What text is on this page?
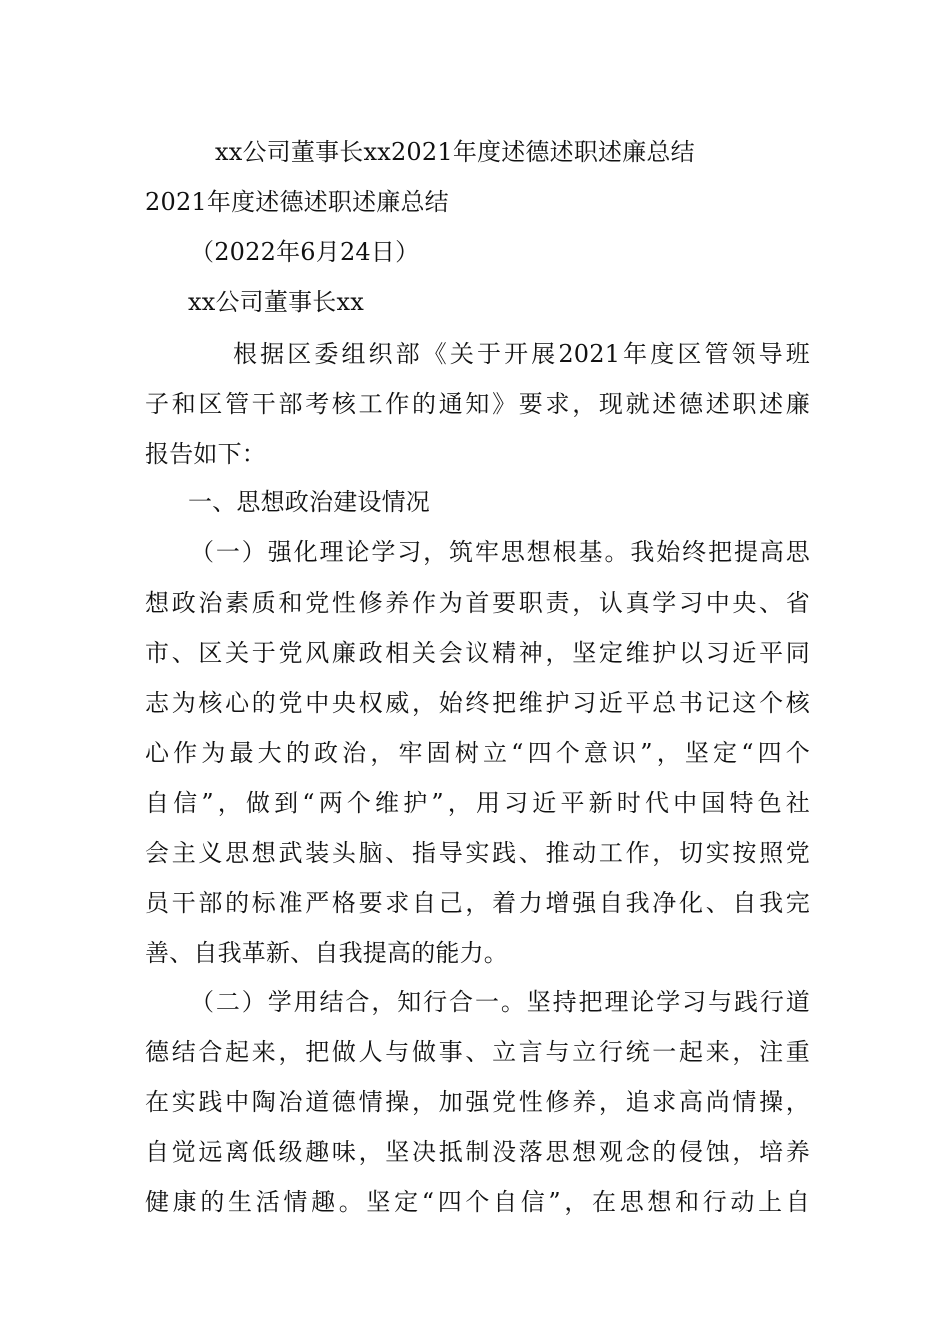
xx公司董事长xx2021年度述德述职述廉总结
2021年度述德述职述廉总结
（2022年6月24日）
xx公司董事长xx
根据区委组织部《关于开展2021年度区管领导班
子和区管干部考核工作的通知》要求，现就述德述职述廉
报告如下：
一、思想政治建设情况
（一）强化理论学习，筑牢思想根基。我始终把提高思
想政治素质和党性修养作为首要职责，认真学习中央、省
市、区关于党风廉政相关会议精神，坚定维护以习近平同
志为核心的党中央权威，始终把维护习近平总书记这个核
心作为最大的政治，牢固树立“四个意识”，坚定“四个
自信”，做到“两个维护”，用习近平新时代中国特色社
会主义思想武装头脑、指导实践、推动工作，切实按照党
员干部的标准严格要求自己，着力增强自我净化、自我完
善、自我革新、自我提高的能力。
（二）学用结合，知行合一。坚持把理论学习与践行道
德结合起来，把做人与做事、立言与立行统一起来，注重
在实践中陶冶道德情操，加强党性修养，追求高尚情操，
自觉远离低级趣味，坚决抵制没落思想观念的侵蚀，培养
健康的生活情趣。坚定“四个自信”，在思想和行动上自
